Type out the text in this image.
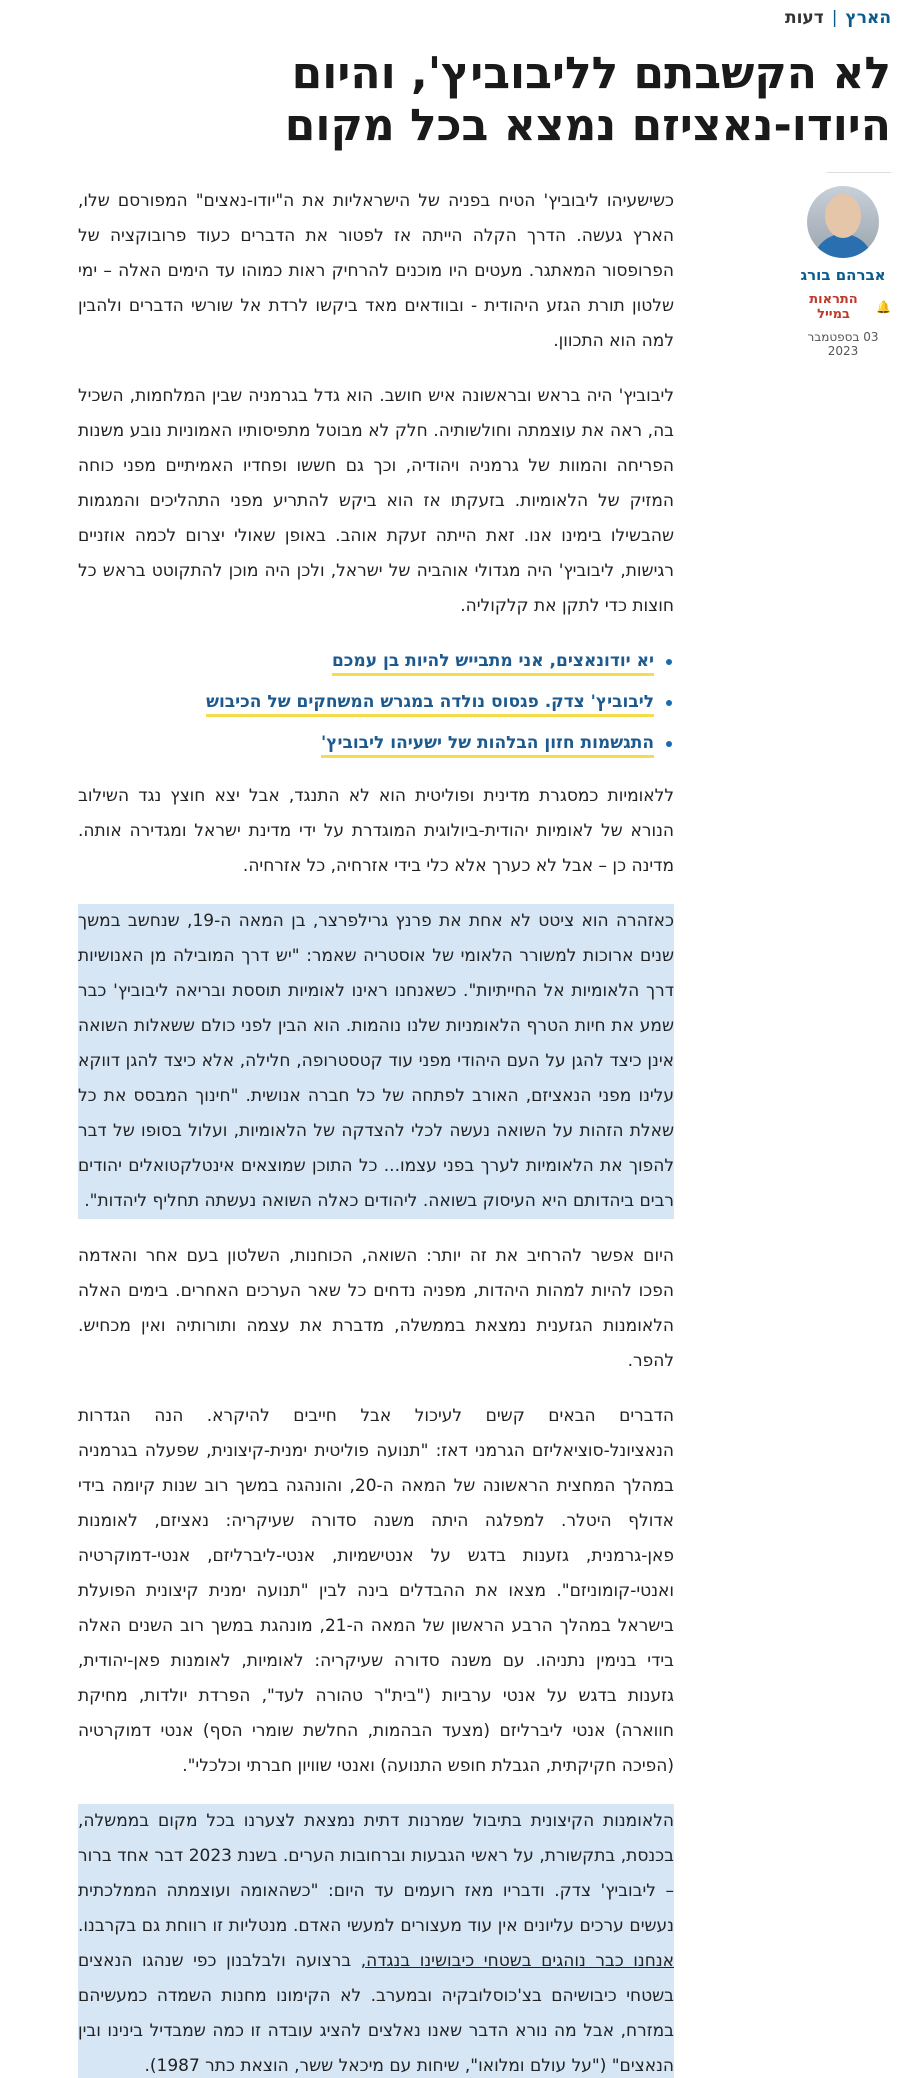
הארץ
|
דעות
לא הקשבתם לליבוביץ', והיום היודו-נאציזם נמצא בכל מקום
אברהם בורג
🔔
התראות במייל
03 בספטמבר 2023

כשישעיהו ליבוביץ' הטיח בפניה של הישראליות את ה"יודו-נאצים" המפורסם שלו, הארץ געשה. הדרך הקלה הייתה אז לפטור את הדברים כעוד פרובוקציה של הפרופסור המאתגר. מעטים היו מוכנים להרחיק ראות כמוהו עד הימים האלה – ימי שלטון תורת הגזע היהודית - ובוודאים מאד ביקשו לרדת אל שורשי הדברים ולהבין למה הוא התכוון.

ליבוביץ' היה בראש ובראשונה איש חושב. הוא גדל בגרמניה שבין המלחמות, השכיל בה, ראה את עוצמתה וחולשותיה. חלק לא מבוטל מתפיסותיו האמוניות נובע משנות הפריחה והמוות של גרמניה ויהודיה, וכך גם חששו ופחדיו האמיתיים מפני כוחה המזיק של הלאומיות. בזעקתו אז הוא ביקש להתריע מפני התהליכים והמגמות שהבשילו בימינו אנו. זאת הייתה זעקת אוהב. באופן שאולי יצרום לכמה אוזניים רגישות, ליבוביץ' היה מגדולי אוהביה של ישראל, ולכן היה מוכן להתקוטט בראש כל חוצות כדי לתקן את קלקוליה.

יא יודונאצים, אני מתבייש להיות בן עמכם
ליבוביץ' צדק. פגסוס נולדה במגרש המשחקים של הכיבוש
התגשמות חזון הבלהות של ישעיהו ליבוביץ'

ללאומיות כמסגרת מדינית ופוליטית הוא לא התנגד, אבל יצא חוצץ נגד השילוב הנורא של לאומיות יהודית-ביולוגית המוגדרת על ידי מדינת ישראל ומגדירה אותה. מדינה כן – אבל לא כערך אלא כלי בידי אזרחיה, כל אזרחיה.

כאזהרה הוא ציטט לא אחת את פרנץ גרילפרצר, בן המאה ה-19, שנחשב במשך שנים ארוכות למשורר הלאומי של אוסטריה שאמר: "יש דרך המובילה מן האנושיות דרך הלאומיות אל החייתיות". כשאנחנו ראינו לאומיות תוססת ובריאה ליבוביץ' כבר שמע את חיות הטרף הלאומניות שלנו נוהמות. הוא הבין לפני כולם ששאלות השואה אינן כיצד להגן על העם היהודי מפני עוד קטסטרופה, חלילה, אלא כיצד להגן דווקא עלינו מפני הנאציזם, האורב לפתחה של כל חברה אנושית. "חינוך המבסס את כל שאלת הזהות על השואה נעשה לכלי להצדקה של הלאומיות, ועלול בסופו של דבר להפוך את הלאומיות לערך בפני עצמו... כל התוכן שמוצאים אינטלקטואלים יהודים רבים ביהדותם היא העיסוק בשואה. ליהודים כאלה השואה נעשתה תחליף ליהדות".

היום אפשר להרחיב את זה יותר: השואה, הכוחנות, השלטון בעם אחר והאדמה הפכו להיות למהות היהדות, מפניה נדחים כל שאר הערכים האחרים. בימים האלה הלאומנות הגזענית נמצאת בממשלה, מדברת את עצמה ותורותיה ואין מכחיש. להפר.

הדברים הבאים קשים לעיכול אבל חייבים להיקרא. הנה הגדרות הנאציונל-סוציאליזם הגרמני דאז: "תנועה פוליטית ימנית-קיצונית, שפעלה בגרמניה במהלך המחצית הראשונה של המאה ה-20, והונהגה במשך רוב שנות קיומה בידי אדולף היטלר. למפלגה היתה משנה סדורה שעיקריה: נאציזם, לאומנות פאן-גרמנית, גזענות בדגש על אנטישמיות, אנטי-ליברליזם, אנטי-דמוקרטיה ואנטי-קומוניזם". מצאו את ההבדלים בינה לבין "תנועה ימנית קיצונית הפועלת בישראל במהלך הרבע הראשון של המאה ה-21, מונהגת במשך רוב השנים האלה בידי בנימין נתניהו. עם משנה סדורה שעיקריה: לאומיות, לאומנות פאן-יהודית, גזענות בדגש על אנטי ערביות ("בית"ר טהורה לעד", הפרדת יולדות, מחיקת חווארה) אנטי ליברליזם (מצעד הבהמות, החלשת שומרי הסף) אנטי דמוקרטיה (הפיכה חקיקתית, הגבלת חופש התנועה) ואנטי שוויון חברתי וכלכלי".

הלאומנות הקיצונית בתיבול שמרנות דתית נמצאת לצערנו בכל מקום בממשלה, בכנסת, בתקשורת, על ראשי הגבעות וברחובות הערים. בשנת 2023 דבר אחד ברור – ליבוביץ' צדק. ודבריו מאז רועמים עד היום: "כשהאומה ועוצמתה הממלכתית נעשים ערכים עליונים אין עוד מעצורים למעשי האדם. מנטליות זו רווחת גם בקרבנו. אנחנו כבר נוהגים בשטחי כיבושינו בנגדה, ברצועה ולבלבנון כפי שנהגו הנאצים בשטחי כיבושיהם בצ'כוסלובקיה ובמערב. לא הקימונו מחנות השמדה כמעשיהם במזרח, אבל מה נורא הדבר שאנו נאלצים להציג עובדה זו כמה שמבדיל בינינו ובין הנאצים" ("על עולם ומלואו", שיחות עם מיכאל ששר, הוצאת כתר 1987).
